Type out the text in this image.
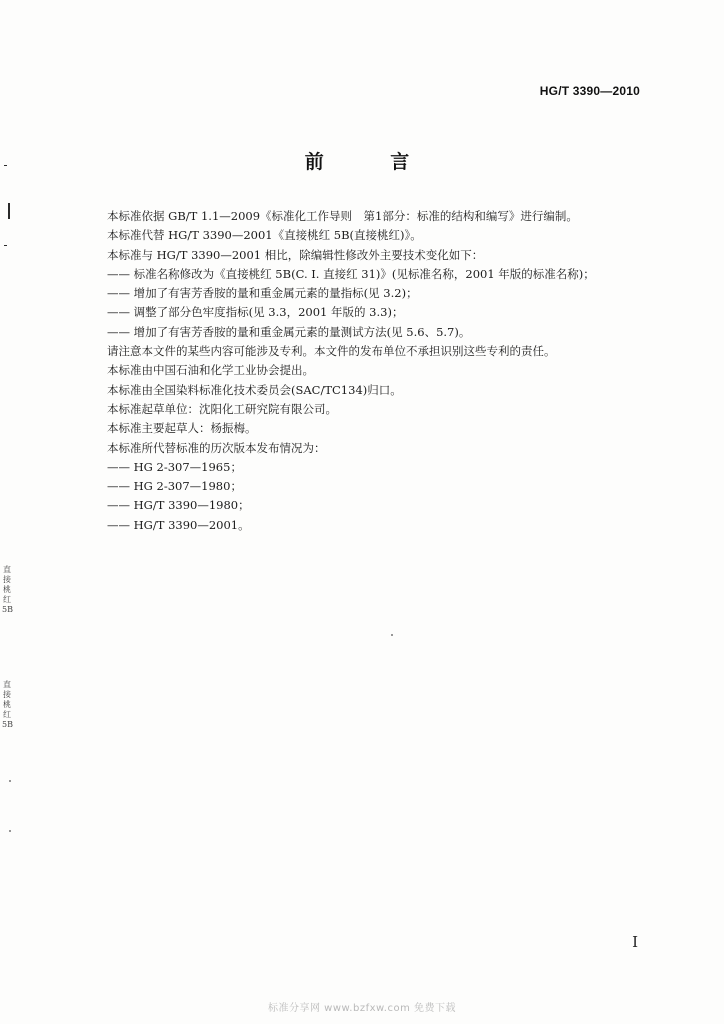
HG/T 3390—2010
前 言
本标准依据 GB/T 1.1—2009《标准化工作导则　第1部分：标准的结构和编写》进行编制。
本标准代替 HG/T 3390—2001《直接桃红 5B(直接桃红)》。
本标准与 HG/T 3390—2001 相比，除编辑性修改外主要技术变化如下：
—— 标准名称修改为《直接桃红 5B(C. I. 直接红 31)》(见标准名称，2001 年版的标准名称)；
—— 增加了有害芳香胺的量和重金属元素的量指标(见 3.2)；
—— 调整了部分色牢度指标(见 3.3，2001 年版的 3.3)；
—— 增加了有害芳香胺的量和重金属元素的量测试方法(见 5.6、5.7)。
请注意本文件的某些内容可能涉及专利。本文件的发布单位不承担识别这些专利的责任。
本标准由中国石油和化学工业协会提出。
本标准由全国染料标准化技术委员会(SAC/TC134)归口。
本标准起草单位：沈阳化工研究院有限公司。
本标准主要起草人：杨振梅。
本标准所代替标准的历次版本发布情况为：
—— HG 2-307—1965；
—— HG 2-307—1980；
—— HG/T 3390—1980；
—— HG/T 3390—2001。
I
标准分享网 www.bzfxw.com 免费下载
直接桃红5B
直接桃红5B
